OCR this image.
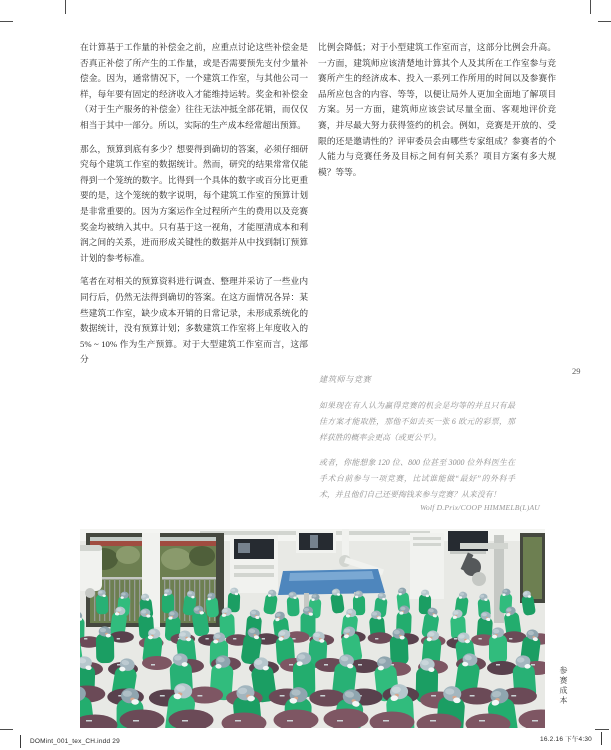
在计算基于工作量的补偿金之前，应重点讨论这些补偿金是否真正补偿了所产生的工作量，或是否需要预先支付少量补偿金。因为，通常情况下，一个建筑工作室，与其他公司一样，每年要有固定的经济收入才能维持运转。奖金和补偿金（对于生产服务的补偿金）往往无法冲抵全部花销，而仅仅相当于其中一部分。所以，实际的生产成本经常超出预算。

那么，预算到底有多少？想要得到确切的答案，必须仔细研究每个建筑工作室的数据统计。然而，研究的结果常常仅能得到一个笼统的数字。比得到一个具体的数字或百分比更重要的是，这个笼统的数字说明，每个建筑工作室的预算计划是非常重要的。因为方案运作全过程所产生的费用以及竞赛奖金均被纳入其中。只有基于这一视角，才能厘清成本和利润之间的关系，进而形成关键性的数据并从中找到制订预算计划的参考标准。

笔者在对相关的预算资料进行调查、整理并采访了一些业内同行后，仍然无法得到确切的答案。在这方面情况各异：某些建筑工作室，缺少成本开销的日常记录，未形成系统化的数据统计，没有预算计划；多数建筑工作室将上年度收入的5% ~ 10% 作为生产预算。对于大型建筑工作室而言，这部分

比例会降低；对于小型建筑工作室而言，这部分比例会升高。一方面，建筑师应该清楚地计算其个人及其所在工作室参与竞赛所产生的经济成本、投入一系列工作所用的时间以及参赛作品所应包含的内容、等等，以便让局外人更加全面地了解项目方案。另一方面，建筑师应该尝试尽量全面、客观地评价竞赛，并尽最大努力获得签约的机会。例如，竞赛是开放的、受限的还是邀请性的？评审委员会由哪些专家组成？参赛者的个人能力与竞赛任务及目标之间有何关系？项目方案有多大规模？等等。

建筑师与竞赛

如果现在有人认为赢得竞赛的机会是均等的并且只有最佳方案才能取胜，那他不如去买一张 6 欧元的彩票，那样获胜的概率会更高（或更公平）。

或者，你能想象 120 位、800 位甚至 3000 位外科医生在手术台前参与一项竞赛，比试谁能做“最好”的外科手术，并且他们自己还要掏钱来参与竞赛？从来没有！

Wolf D.Prix/COOP HIMMELB(L)AU
29
参赛成本
DOMint_001_tex_CH.indd 29	16.2.16 下午4:30
